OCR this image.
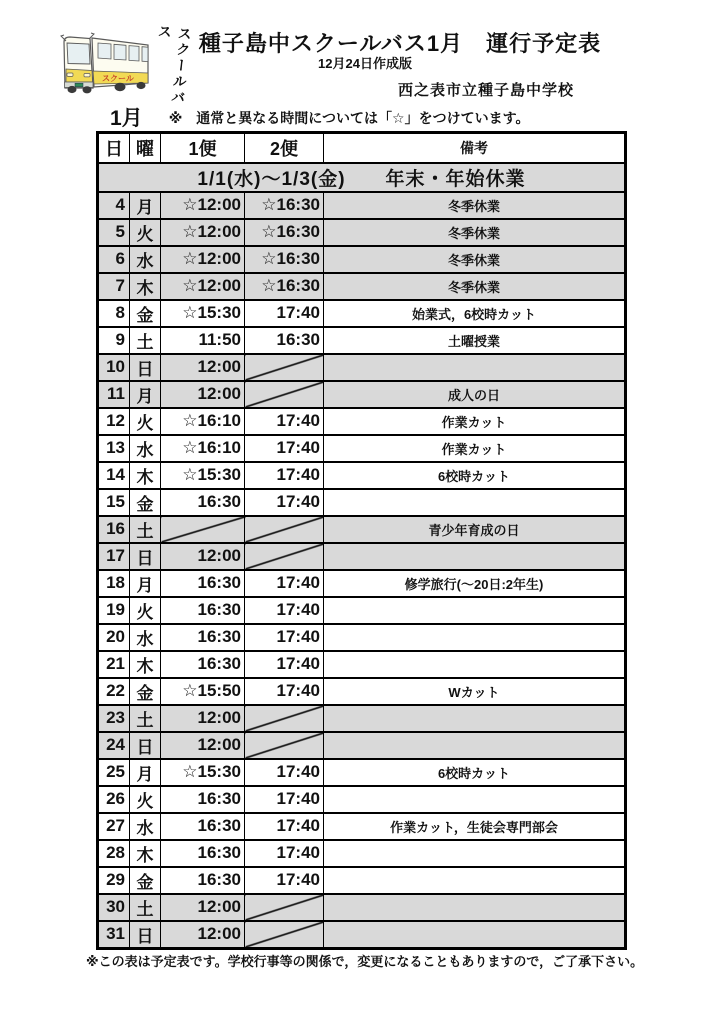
スクール	スクールバス	種子島中スクールバス1月　運行予定表
12月24日作成版
西之表市立種子島中学校
1月 ※　通常と異なる時間については「☆」をつけています。
日	曜	1便	2便	備考
1/1(水)～1/3(金)　　年末・年始休業				
4	月	☆12:00	☆16:30	冬季休業
5	火	☆12:00	☆16:30	冬季休業
6	水	☆12:00	☆16:30	冬季休業
7	木	☆12:00	☆16:30	冬季休業
8	金	☆15:30	17:40	始業式，6校時カット
9	土	11:50	16:30	土曜授業
10	日	12:00		
11	月	12:00		成人の日
12	火	☆16:10	17:40	作業カット
13	水	☆16:10	17:40	作業カット
14	木	☆15:30	17:40	6校時カット
15	金	16:30	17:40	
16	土			青少年育成の日
17	日	12:00		
18	月	16:30	17:40	修学旅行(～20日:2年生)
19	火	16:30	17:40	
20	水	16:30	17:40	
21	木	16:30	17:40	
22	金	☆15:50	17:40	Wカット
23	土	12:00		
24	日	12:00		
25	月	☆15:30	17:40	6校時カット
26	火	16:30	17:40	
27	水	16:30	17:40	作業カット，生徒会専門部会
28	木	16:30	17:40	
29	金	16:30	17:40	
30	土	12:00		
31	日	12:00		
※この表は予定表です。学校行事等の関係で，変更になることもありますので，ご了承下さい。
